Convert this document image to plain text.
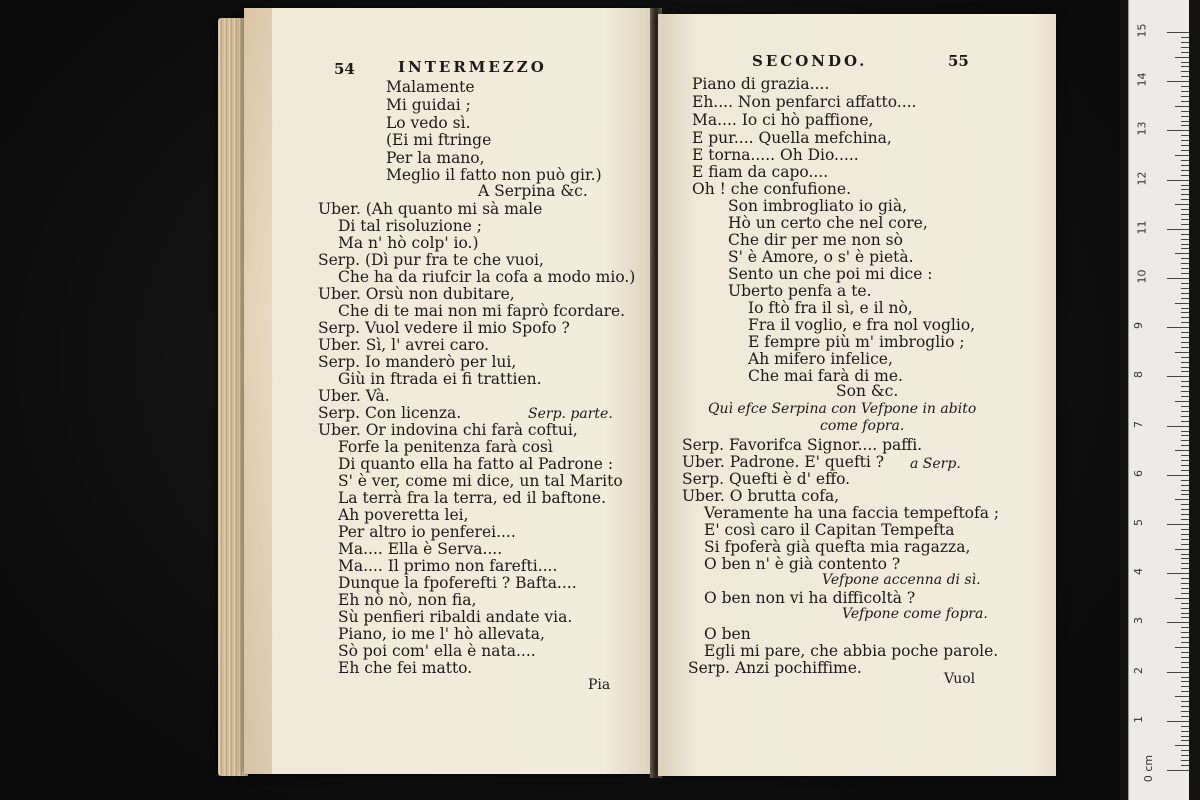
54	INTERMEZZO
Malamente
Mi guidai ;
Lo vedo sì.
(Ei mi ftringe
Per la mano,
Meglio il fatto non può gir.)
A Serpina &c.
Uber. (Ah quanto mi sà male
Di tal risoluzione ;
Ma n' hò colp' io.)
Serp. (Dì pur fra te che vuoi,
Che ha da riufcir la cofa a modo mio.)
Uber. Orsù non dubitare,
Che di te mai non mi faprò fcordare.
Serp. Vuol vedere il mio Spofo ?
Uber. Sì, l' avrei caro.
Serp. Io manderò per lui,
Giù in ftrada ei fi trattien.
Uber. Và.
Serp. Con licenza.	Serp. parte.
Uber. Or indovina chi farà coftui,
Forfe la penitenza farà così
Di quanto ella ha fatto al Padrone :
S' è ver, come mi dice, un tal Marito
La terrà fra la terra, ed il baftone.
Ah poveretta lei,
Per altro io penferei....
Ma.... Ella è Serva....
Ma.... Il primo non farefti....
Dunque la fpoferefti ? Bafta....
Eh nò nò, non fia,
Sù penfieri ribaldi andate via.
Piano, io me l' hò allevata,
Sò poi com' ella è nata....
Eh che fei matto.
Pia
SECONDO.	55
Piano di grazia....
Eh.... Non penfarci affatto....
Ma.... Io ci hò paffione,
E pur.... Quella mefchina,
E torna..... Oh Dio.....
E fiam da capo....
Oh ! che confufione.
Son imbrogliato io già,
Hò un certo che nel core,
Che dir per me non sò
S' è Amore, o s' è pietà.
Sento un che poi mi dice :
Uberto penfa a te.
Io ftò fra il sì, e il nò,
Fra il voglio, e fra nol voglio,
E fempre più m' imbroglio ;
Ah mifero infelice,
Che mai farà di me.
Son &c.
Quì efce Serpina con Vefpone in abito
come fopra.
Serp. Favorifca Signor.... paffi.
Uber. Padrone. E' quefti ? a Serp.
Serp. Quefti è d' effo.
Uber. O brutta cofa,
Veramente ha una faccia tempeftofa ;
E' così caro il Capitan Tempefta
Si fpoferà già quefta mia ragazza,
O ben n' è già contento ?
Vefpone accenna di sì.
O ben non vi ha difficoltà ?
Vefpone come fopra.
O ben
Egli mi pare, che abbia poche parole.
Serp. Anzi pochiffime.
Vuol
0 cm
1
2
3
4
5
6
7
8
9
10
11
12
13
14
15
